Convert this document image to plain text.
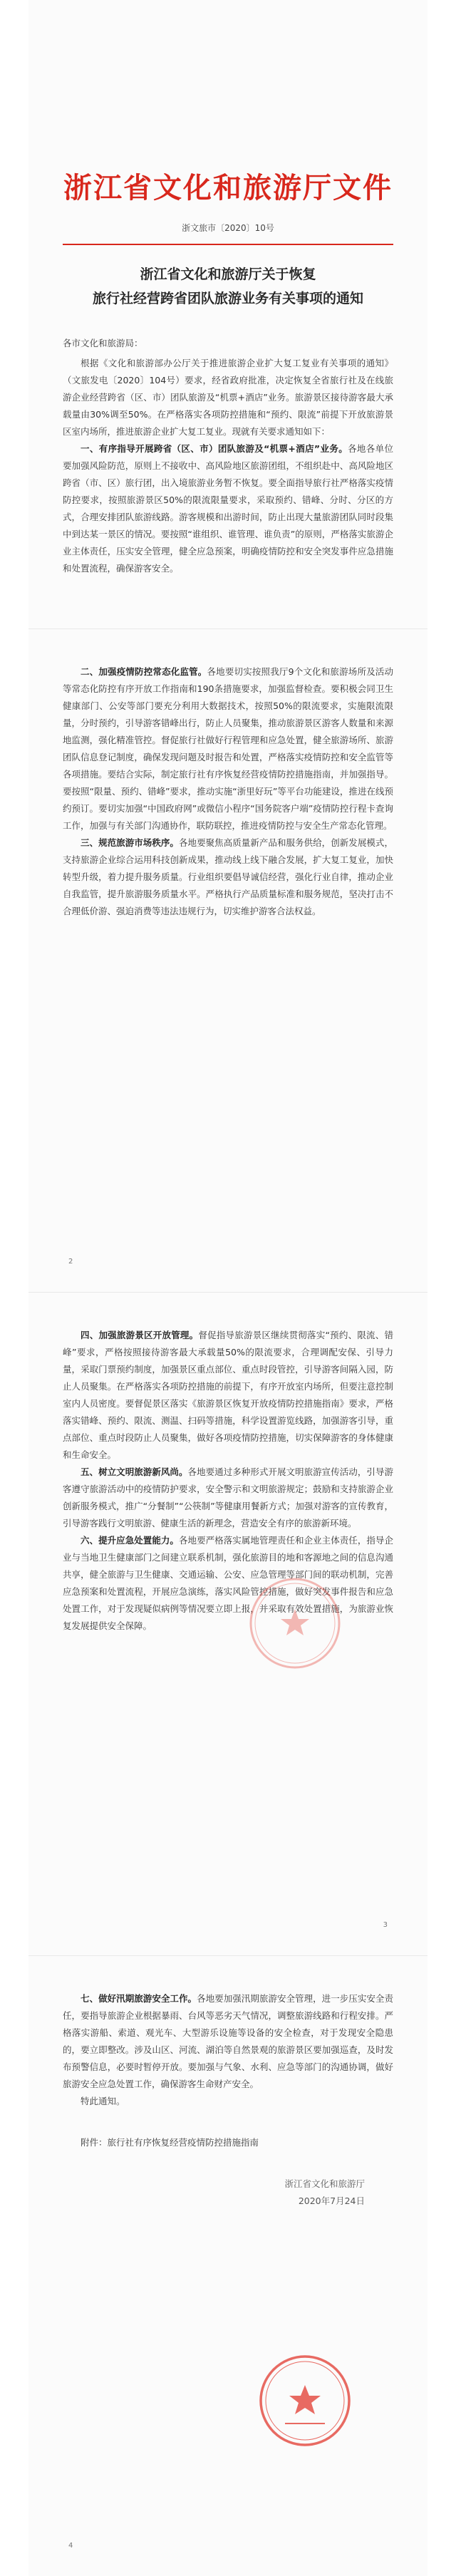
浙江省文化和旅游厅文件
浙文旅市〔2020〕10号
浙江省文化和旅游厅关于恢复
旅行社经营跨省团队旅游业务有关事项的通知
各市文化和旅游局：

根据《文化和旅游部办公厅关于推进旅游企业扩大复工复业有关事项的通知》（文旅发电〔2020〕104号）要求，经省政府批准，决定恢复全省旅行社及在线旅游企业经营跨省（区、市）团队旅游及“机票+酒店”业务。旅游景区接待游客最大承载量由30%调至50%。在严格落实各项防控措施和“预约、限流”前提下开放旅游景区室内场所，推进旅游企业扩大复工复业。现就有关要求通知如下：

一、有序指导开展跨省（区、市）团队旅游及“机票+酒店”业务。各地各单位要加强风险防范，原则上不接收中、高风险地区旅游团组，不组织赴中、高风险地区跨省（市、区）旅行团，出入境旅游业务暂不恢复。要全面指导旅行社严格落实疫情防控要求，按照旅游景区50%的限流限量要求，采取预约、错峰、分时、分区的方式，合理安排团队旅游线路。游客规模和出游时间，防止出现大量旅游团队同时段集中到达某一景区的情况。要按照“谁组织、谁管理、谁负责”的原则，严格落实旅游企业主体责任，压实安全管理，健全应急预案，明确疫情防控和安全突发事件应急措施和处置流程，确保游客安全。

二、加强疫情防控常态化监管。各地要切实按照我厅9个文化和旅游场所及活动等常态化防控有序开放工作指南和190条措施要求，加强监督检查。要积极会同卫生健康部门、公安等部门要充分利用大数据技术，按照50%的限流要求，实施限流限量，分时预约，引导游客错峰出行，防止人员聚集，推动旅游景区游客人数量和来源地监测，强化精准管控。督促旅行社做好行程管理和应急处置，健全旅游场所、旅游团队信息登记制度，确保发现问题及时报告和处置，严格落实疫情防控和安全监管等各项措施。要结合实际，制定旅行社有序恢复经营疫情防控措施指南，并加强指导。要按照“限量、预约、错峰”要求，推动实施“浙里好玩”等平台功能建设，推进在线预约预订。要切实加强“中国政府网”或微信小程序“国务院客户端”疫情防控行程卡查询工作，加强与有关部门沟通协作，联防联控，推进疫情防控与安全生产常态化管理。

三、规范旅游市场秩序。各地要聚焦高质量新产品和服务供给，创新发展模式，支持旅游企业综合运用科技创新成果，推动线上线下融合发展，扩大复工复业，加快转型升级，着力提升服务质量。行业组织要倡导诚信经营，强化行业自律，推动企业自我监管，提升旅游服务质量水平。严格执行产品质量标准和服务规范，坚决打击不合理低价游、强迫消费等违法违规行为，切实维护游客合法权益。

2

四、加强旅游景区开放管理。督促指导旅游景区继续贯彻落实“预约、限流、错峰”要求，严格按照接待游客最大承载量50%的限流要求，合理调配安保、引导力量，采取门票预约制度，加强景区重点部位、重点时段管控，引导游客间隔入园，防止人员聚集。在严格落实各项防控措施的前提下，有序开放室内场所，但要注意控制室内人员密度。要督促景区落实《旅游景区恢复开放疫情防控措施指南》要求，严格落实错峰、预约、限流、测温、扫码等措施，科学设置游览线路，加强游客引导，重点部位、重点时段防止人员聚集，做好各项疫情防控措施，切实保障游客的身体健康和生命安全。

五、树立文明旅游新风尚。各地要通过多种形式开展文明旅游宣传活动，引导游客遵守旅游活动中的疫情防护要求，安全警示和文明旅游规定；鼓励和支持旅游企业创新服务模式，推广“分餐制”“公筷制”等健康用餐新方式；加强对游客的宣传教育，引导游客践行文明旅游、健康生活的新理念，营造安全有序的旅游新环境。

六、提升应急处置能力。各地要严格落实属地管理责任和企业主体责任，指导企业与当地卫生健康部门之间建立联系机制，强化旅游目的地和客源地之间的信息沟通共享，健全旅游与卫生健康、交通运输、公安、应急管理等部门间的联动机制，完善应急预案和处置流程，开展应急演练，落实风险管控措施，做好突发事件报告和应急处置工作，对于发现疑似病例等情况要立即上报，并采取有效处置措施，为旅游业恢复发展提供安全保障。

3

七、做好汛期旅游安全工作。各地要加强汛期旅游安全管理，进一步压实安全责任，要指导旅游企业根据暴雨、台风等恶劣天气情况，调整旅游线路和行程安排。严格落实游船、索道、观光车、大型游乐设施等设备的安全检查，对于发现安全隐患的，要立即整改。涉及山区、河流、湖泊等自然景观的旅游景区要加强巡查，及时发布预警信息，必要时暂停开放。要加强与气象、水利、应急等部门的沟通协调，做好旅游安全应急处置工作，确保游客生命财产安全。

特此通知。

附件：旅行社有序恢复经营疫情防控措施指南
浙江省文化和旅游厅
2020年7月24日
4
